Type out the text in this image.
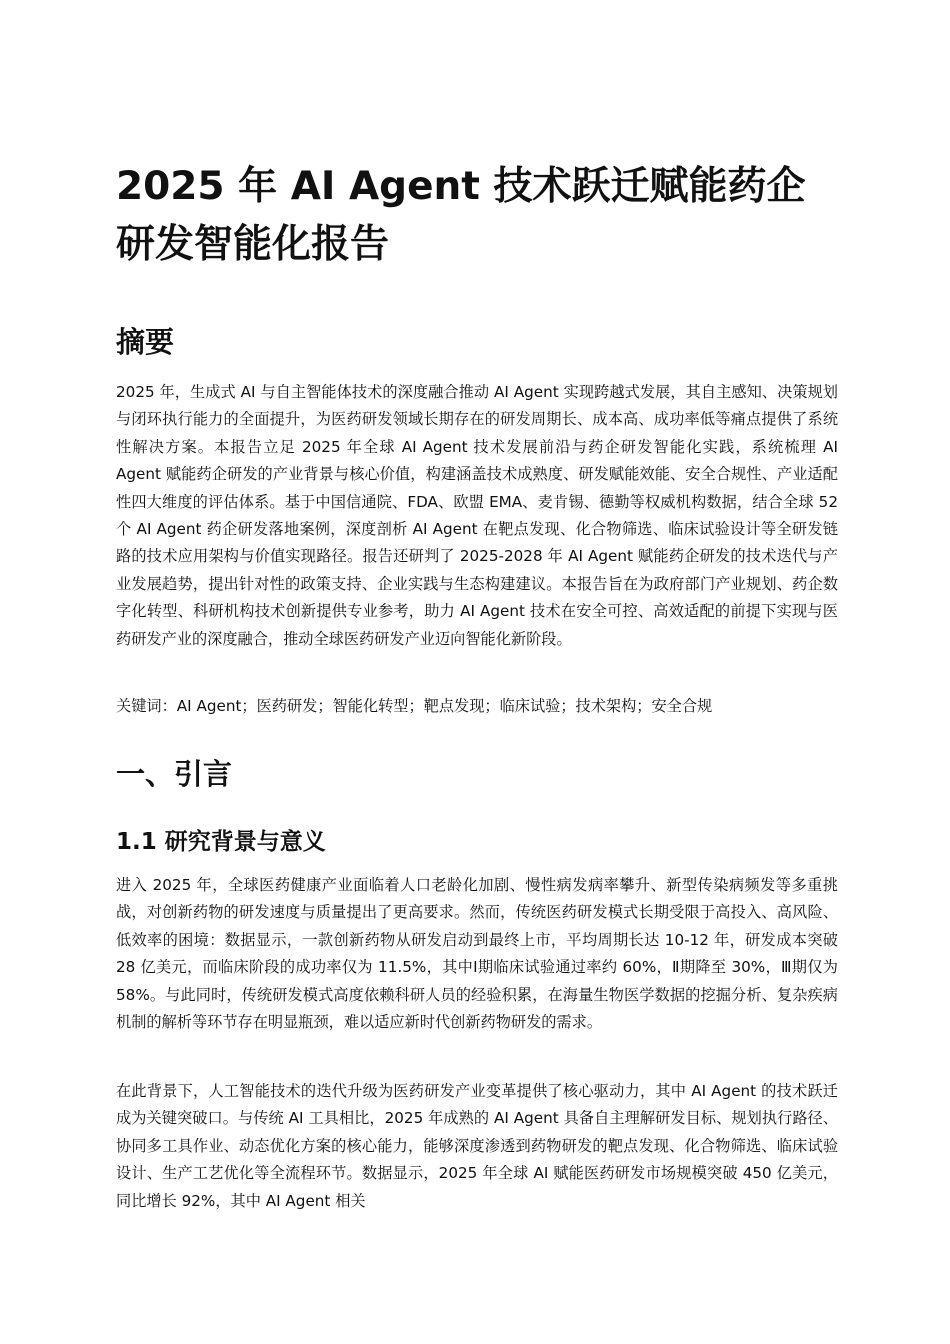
2025 年 AI Agent 技术跃迁赋能药企研发智能化报告
摘要

2025 年，生成式 AI 与自主智能体技术的深度融合推动 AI Agent 实现跨越式发展，其自主感知、决策规划与闭环执行能力的全面提升，为医药研发领域长期存在的研发周期长、成本高、成功率低等痛点提供了系统性解决方案。本报告立足 2025 年全球 AI Agent 技术发展前沿与药企研发智能化实践，系统梳理 AI Agent 赋能药企研发的产业背景与核心价值，构建涵盖技术成熟度、研发赋能效能、安全合规性、产业适配性四大维度的评估体系。基于中国信通院、FDA、欧盟 EMA、麦肯锡、德勤等权威机构数据，结合全球 52 个 AI Agent 药企研发落地案例，深度剖析 AI Agent 在靶点发现、化合物筛选、临床试验设计等全研发链路的技术应用架构与价值实现路径。报告还研判了 2025-2028 年 AI Agent 赋能药企研发的技术迭代与产业发展趋势，提出针对性的政策支持、企业实践与生态构建建议。本报告旨在为政府部门产业规划、药企数字化转型、科研机构技术创新提供专业参考，助力 AI Agent 技术在安全可控、高效适配的前提下实现与医药研发产业的深度融合，推动全球医药研发产业迈向智能化新阶段。

关键词：AI Agent；医药研发；智能化转型；靶点发现；临床试验；技术架构；安全合规

一、引言
1.1 研究背景与意义

进入 2025 年，全球医药健康产业面临着人口老龄化加剧、慢性病发病率攀升、新型传染病频发等多重挑战，对创新药物的研发速度与质量提出了更高要求。然而，传统医药研发模式长期受限于高投入、高风险、低效率的困境：数据显示，一款创新药物从研发启动到最终上市，平均周期长达 10-12 年，研发成本突破 28 亿美元，而临床阶段的成功率仅为 11.5%，其中Ⅰ期临床试验通过率约 60%，Ⅱ期降至 30%，Ⅲ期仅为 58%。与此同时，传统研发模式高度依赖科研人员的经验积累，在海量生物医学数据的挖掘分析、复杂疾病机制的解析等环节存在明显瓶颈，难以适应新时代创新药物研发的需求。

在此背景下，人工智能技术的迭代升级为医药研发产业变革提供了核心驱动力，其中 AI Agent 的技术跃迁成为关键突破口。与传统 AI 工具相比，2025 年成熟的 AI Agent 具备自主理解研发目标、规划执行路径、协同多工具作业、动态优化方案的核心能力，能够深度渗透到药物研发的靶点发现、化合物筛选、临床试验设计、生产工艺优化等全流程环节。数据显示，2025 年全球 AI 赋能医药研发市场规模突破 450 亿美元，同比增长 92%，其中 AI Agent 相关
